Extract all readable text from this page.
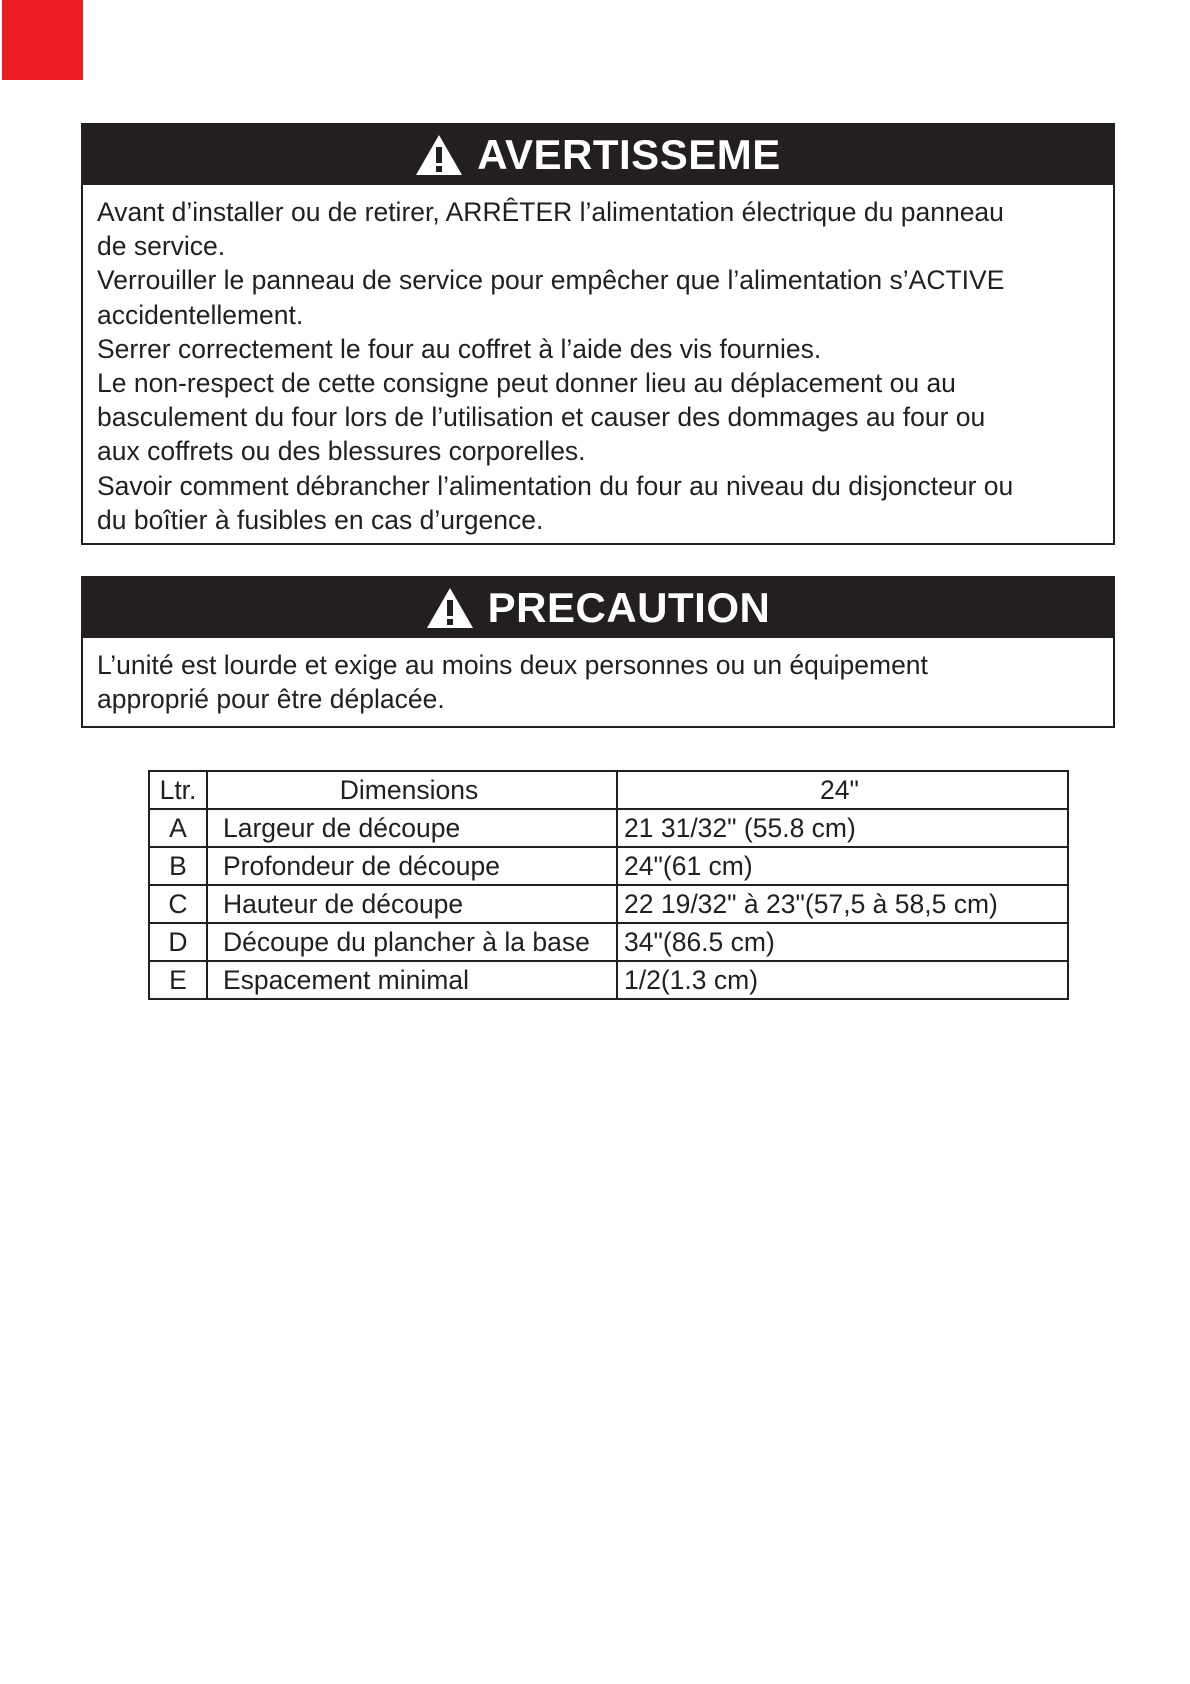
AVERTISSEME
Avant d’installer ou de retirer, ARRÊTER l’alimentation électrique du panneau
de service.
Verrouiller le panneau de service pour empêcher que l’alimentation s’ACTIVE
accidentellement.
Serrer correctement le four au coffret à l’aide des vis fournies.
Le non-respect de cette consigne peut donner lieu au déplacement ou au
basculement du four lors de l’utilisation et causer des dommages au four ou
aux coffrets ou des blessures corporelles.
Savoir comment débrancher l’alimentation du four au niveau du disjoncteur ou
du boîtier à fusibles en cas d’urgence.
PRECAUTION
L’unité est lourde et exige au moins deux personnes ou un équipement
approprié pour être déplacée.
Ltr.	Dimensions	24"
A	Largeur de découpe	21 31/32" (55.8 cm)
B	Profondeur de découpe	24"(61 cm)
C	Hauteur de découpe	22 19/32" à 23"(57,5 à 58,5 cm)
D	Découpe du plancher à la base	34"(86.5 cm)
E	Espacement minimal	1/2(1.3 cm)
